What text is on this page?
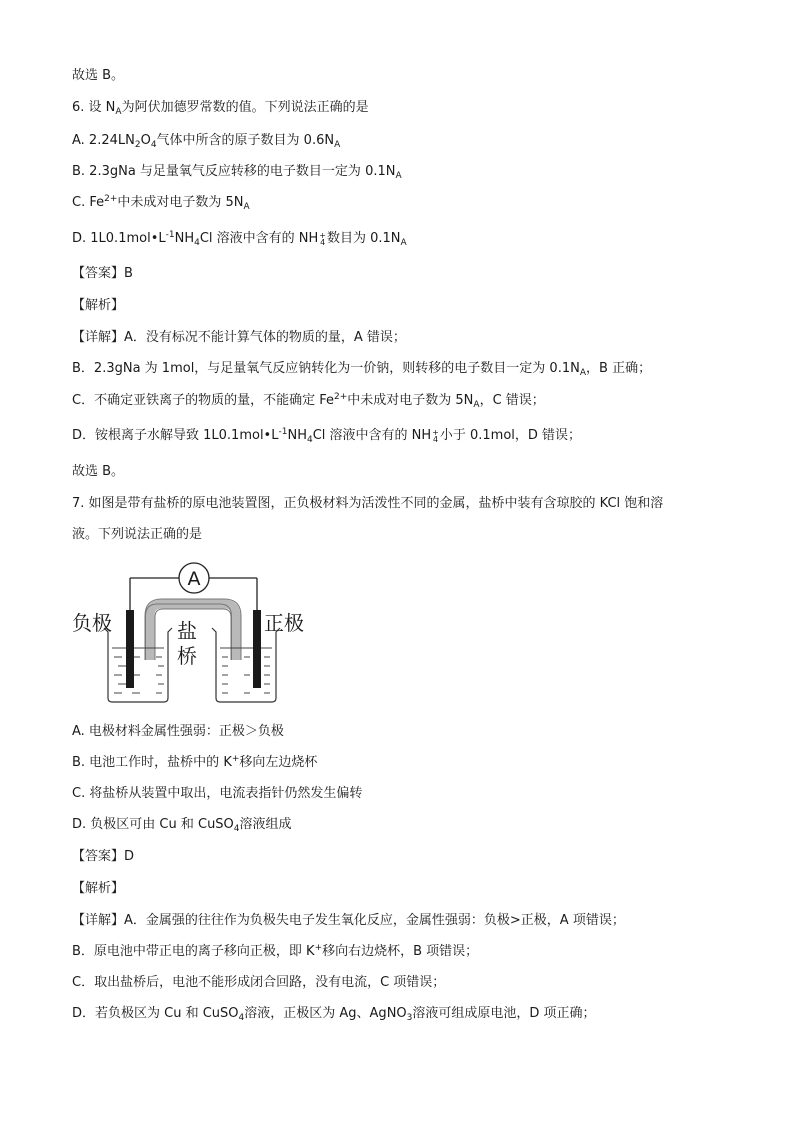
故选 B。
6. 设 $N_A$为阿伏加德罗常数的值。下列说法正确的是
A. $2.24LN_2O_4$气体中所含的原子数目为 $0.6N_A$
B. 2.3gNa 与足量氧气反应转移的电子数目一定为 $0.1N_A$
C. $Fe^{2+}$中未成对电子数为 $5N_A$
D. $1L0.1mol•L^{-1}NH_4Cl$ 溶液中含有的 NH+
4 数目为 $0.1N_A$
【答案】B
【解析】
【详解】A．没有标况不能计算气体的物质的量，A 错误；
B．2.3gNa 为 1mol，与足量氧气反应钠转化为一价钠，则转移的电子数目一定为 $0.1N_A$，B 正确；
C．不确定亚铁离子的物质的量，不能确定 $Fe^{2+}$中未成对电子数为 $5N_A$，C 错误；
D．铵根离子水解导致 $1L0.1mol•L^{-1}NH_4Cl$ 溶液中含有的 NH+
4 小于 0.1mol，D 错误；
故选 B。
7. 如图是带有盐桥的原电池装置图，正负极材料为活泼性不同的金属，盐桥中装有含琼胶的 KCl 饱和溶
液。下列说法正确的是
A
负极	正极
盐
桥
A. 电极材料金属性强弱：正极＞负极
B. 电池工作时，盐桥中的 K+移向左边烧杯
C. 将盐桥从装置中取出，电流表指针仍然发生偏转
D. 负极区可由 Cu 和 CuSO$_4$溶液组成
【答案】D
【解析】
【详解】A．金属强的往往作为负极失电子发生氧化反应，金属性强弱：负极>正极，A 项错误；
B．原电池中带正电的离子移向正极，即 K+移向右边烧杯，B 项错误；
C．取出盐桥后，电池不能形成闭合回路，没有电流，C 项错误；
D．若负极区为 Cu 和 CuSO$_4$溶液，正极区为 Ag、AgNO$_3$溶液可组成原电池，D 项正确；
